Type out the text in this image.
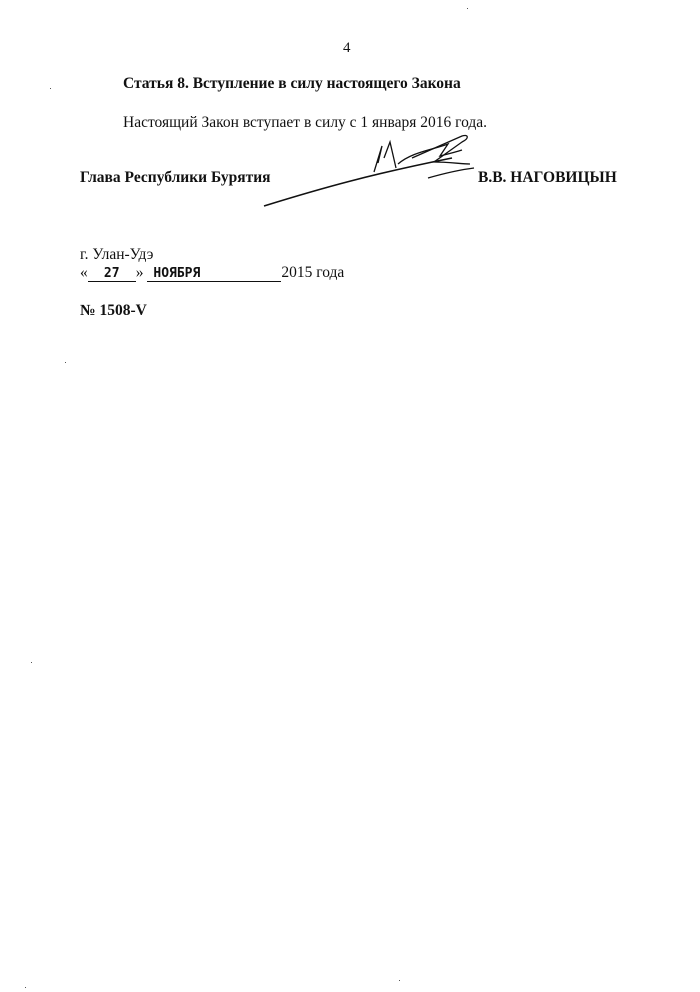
4
Статья 8. Вступление в силу настоящего Закона
Настоящий Закон вступает в силу с 1 января 2016 года.
Глава Республики Бурятия	В.В. НАГОВИЦЫН
г. Улан-Удэ
« 27 » НОЯБРЯ	2015 года
№ 1508-V
